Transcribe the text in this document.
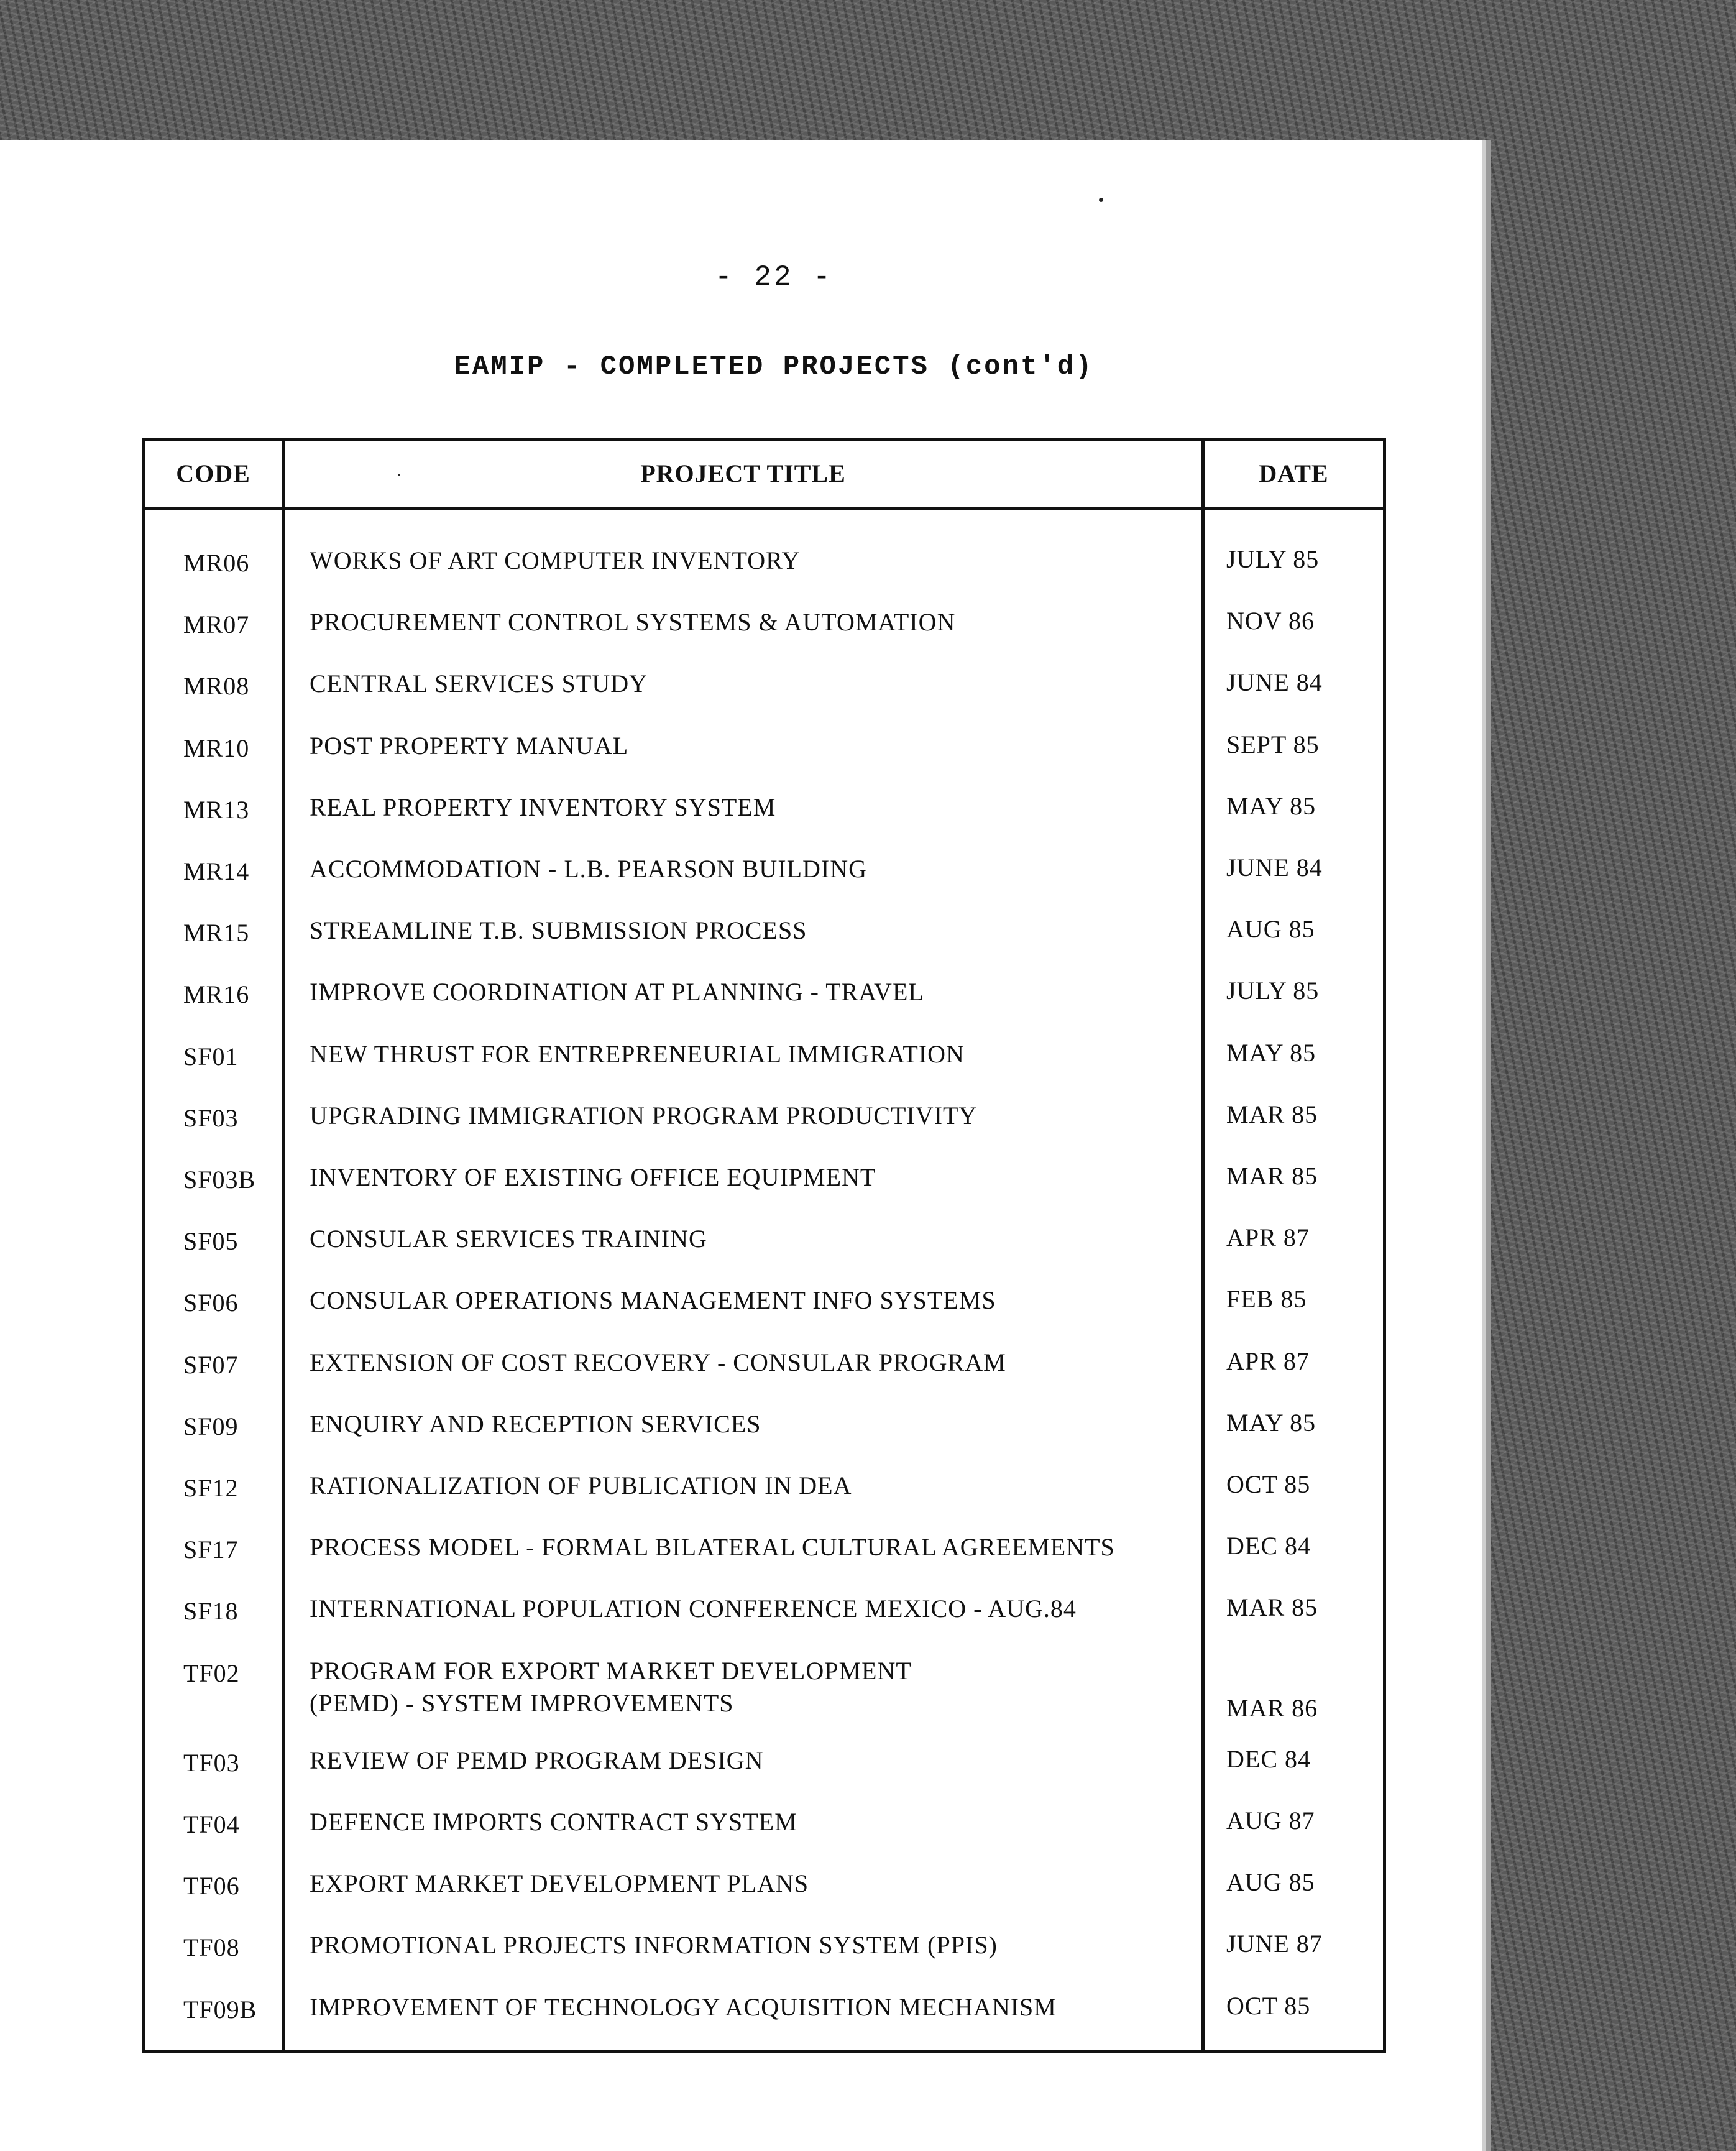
- 22 -
EAMIP - COMPLETED PROJECTS (cont'd)
CODE	PROJECT TITLE	DATE
MR06 WORKS OF ART COMPUTER INVENTORY	JULY 85
MR07 PROCUREMENT CONTROL SYSTEMS & AUTOMATION	NOV 86
MR08 CENTRAL SERVICES STUDY	JUNE 84
MR10 POST PROPERTY MANUAL	SEPT 85
MR13 REAL PROPERTY INVENTORY SYSTEM	MAY 85
MR14 ACCOMMODATION - L.B. PEARSON BUILDING	JUNE 84
MR15 STREAMLINE T.B. SUBMISSION PROCESS	AUG 85
MR16 IMPROVE COORDINATION AT PLANNING - TRAVEL	JULY 85
SF01	NEW THRUST FOR ENTREPRENEURIAL IMMIGRATION	MAY 85
SF03	UPGRADING IMMIGRATION PROGRAM PRODUCTIVITY	MAR 85
SF03B INVENTORY OF EXISTING OFFICE EQUIPMENT	MAR 85
SF05	CONSULAR SERVICES TRAINING	APR 87
SF06	CONSULAR OPERATIONS MANAGEMENT INFO SYSTEMS	FEB 85
SF07	EXTENSION OF COST RECOVERY - CONSULAR PROGRAM	APR 87
SF09	ENQUIRY AND RECEPTION SERVICES	MAY 85
SF12	RATIONALIZATION OF PUBLICATION IN DEA	OCT 85
SF17	PROCESS MODEL - FORMAL BILATERAL CULTURAL AGREEMENTS	DEC 84
SF18	INTERNATIONAL POPULATION CONFERENCE MEXICO - AUG.84	MAR 85
TF02	PROGRAM FOR EXPORT MARKET DEVELOPMENT
(PEMD) - SYSTEM IMPROVEMENTS	MAR 86
TF03	REVIEW OF PEMD PROGRAM DESIGN	DEC 84
TF04	DEFENCE IMPORTS CONTRACT SYSTEM	AUG 87
TF06	EXPORT MARKET DEVELOPMENT PLANS	AUG 85
TF08	PROMOTIONAL PROJECTS INFORMATION SYSTEM (PPIS)	JUNE 87
TF09B IMPROVEMENT OF TECHNOLOGY ACQUISITION MECHANISM	OCT 85
